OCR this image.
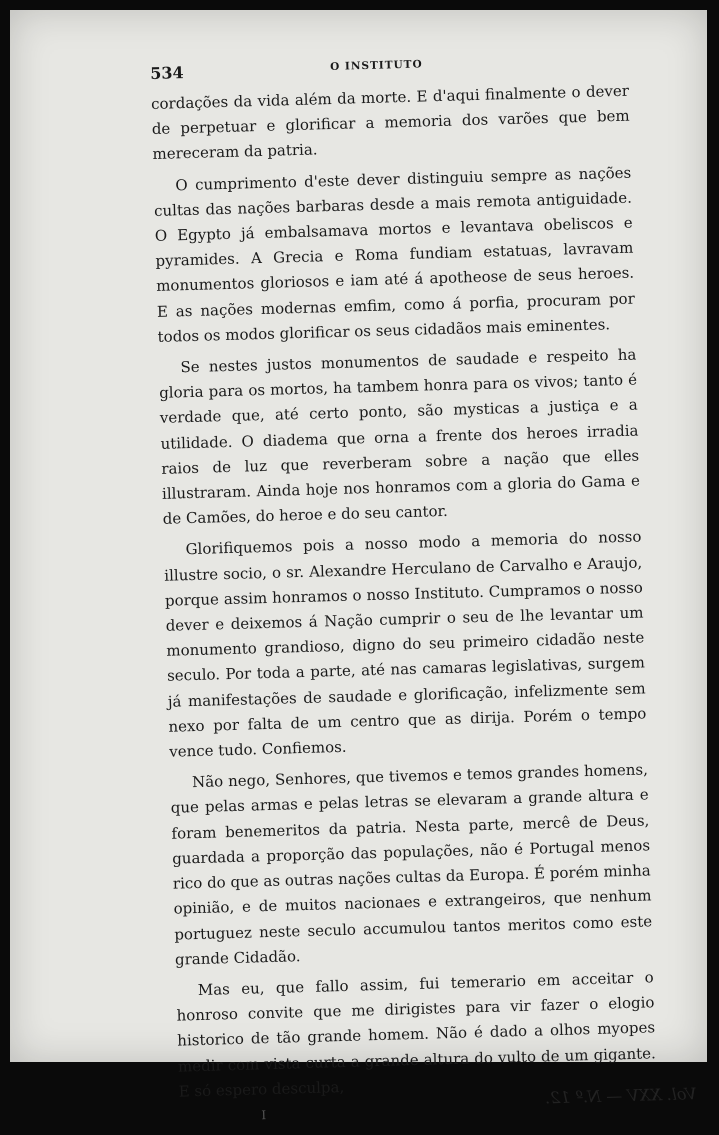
534	O INSTITUTO

cordações da vida além da morte. E d'aqui finalmente o dever de perpetuar e glorificar a memoria dos varões que bem mereceram da patria.

O cumprimento d'este dever distinguiu sempre as nações cultas das nações barbaras desde a mais remota antiguidade. O Egypto já embalsamava mortos e levantava obeliscos e pyramides. A Grecia e Roma fundiam estatuas, lavravam monumentos gloriosos e iam até á apotheose de seus heroes. E as nações modernas emfim, como á porfia, procuram por todos os modos glorificar os seus cidadãos mais eminentes.

Se nestes justos monumentos de saudade e respeito ha gloria para os mortos, ha tambem honra para os vivos; tanto é verdade que, até certo ponto, são mysticas a justiça e a utilidade. O diadema que orna a frente dos heroes irradia raios de luz que reverberam sobre a nação que elles illustraram. Ainda hoje nos honramos com a gloria do Gama e de Camões, do heroe e do seu cantor.

Glorifiquemos pois a nosso modo a memoria do nosso illustre socio, o sr. Alexandre Herculano de Carvalho e Araujo, porque assim honramos o nosso Instituto. Cumpramos o nosso dever e deixemos á Nação cumprir o seu de lhe levantar um monumento grandioso, digno do seu primeiro cidadão neste seculo. Por toda a parte, até nas camaras legislativas, surgem já manifestações de saudade e glorificação, infelizmente sem nexo por falta de um centro que as dirija. Porém o tempo vence tudo. Confiemos.

Não nego, Senhores, que tivemos e temos grandes homens, que pelas armas e pelas letras se elevaram a grande altura e foram benemeritos da patria. Nesta parte, mercê de Deus, guardada a proporção das populações, não é Portugal menos rico do que as outras nações cultas da Europa. É porém minha opinião, e de muitos nacionaes e extrangeiros, que nenhum portuguez neste seculo accumulou tantos meritos como este grande Cidadão.

Mas eu, que fallo assim, fui temerario em acceitar o honroso convite que me dirigistes para vir fazer o elogio historico de tão grande homem. Não é dado a olhos myopes medir com vista curta a grande altura do vulto de um gigante. E só espero desculpa,

I
Vol. XXV — N.º 12.
